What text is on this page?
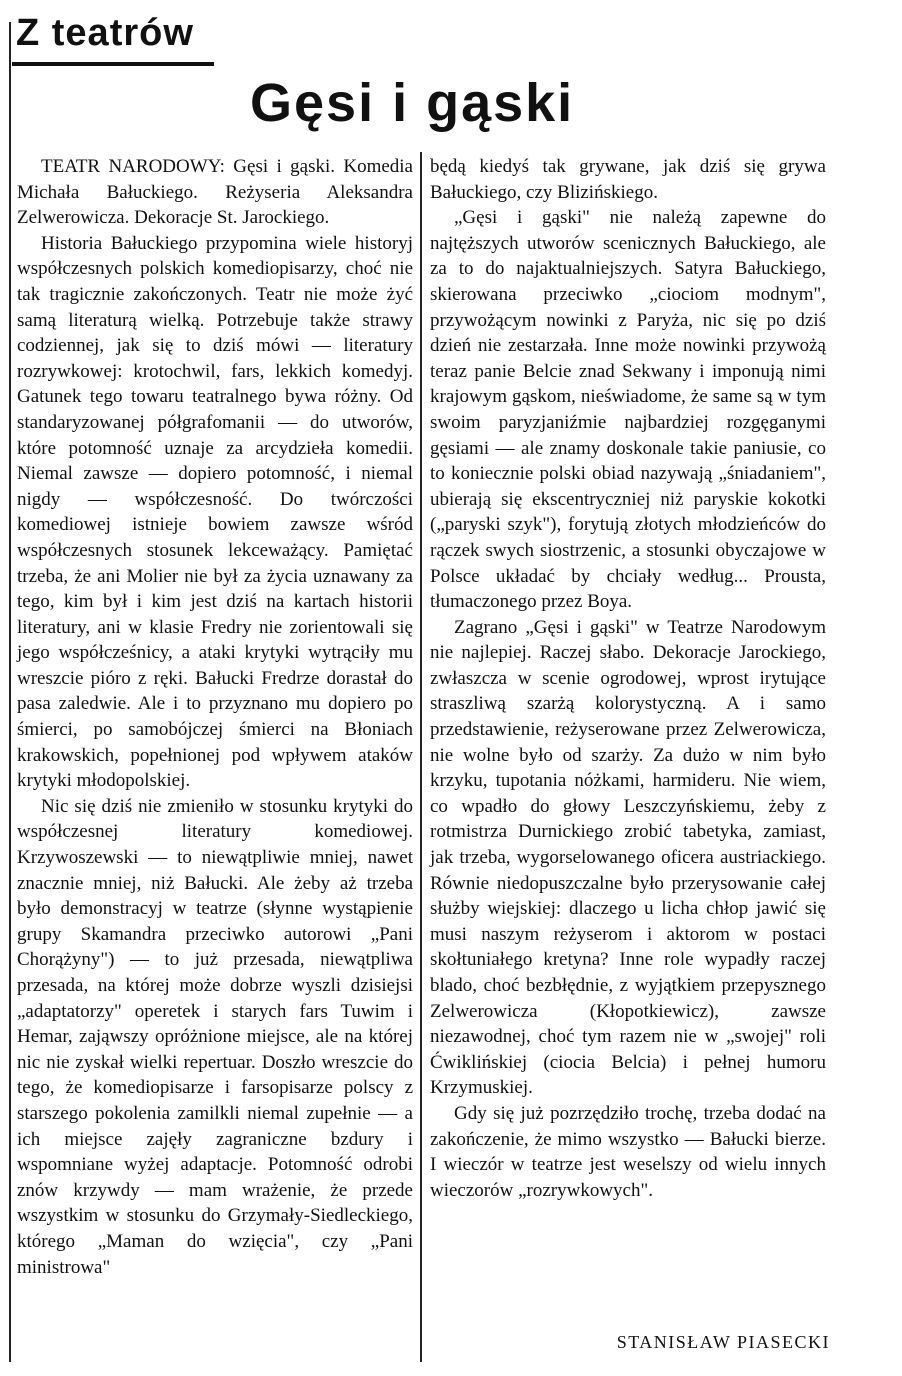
Z teatrów
Gęsi i gąski

TEATR NARODOWY: Gęsi i gąski. Komedia Michała Bałuckiego. Reżyseria Aleksandra Zelwerowicza. Dekoracje St. Jarockiego.

Historia Bałuckiego przypomina wiele historyj współczesnych polskich komediopisarzy, choć nie tak tragicznie zakończonych. Teatr nie może żyć samą literaturą wielką. Potrzebuje także strawy codziennej, jak się to dziś mówi — literatury rozrywkowej: krotochwil, fars, lekkich komedyj. Gatunek tego towaru teatralnego bywa różny. Od standaryzowanej półgrafomanii — do utworów, które potomność uznaje za arcydzieła komedii. Niemal zawsze — dopiero potomność, i niemal nigdy — współczesność. Do twórczości komediowej istnieje bowiem zawsze wśród współczesnych stosunek lekceważący. Pamiętać trzeba, że ani Molier nie był za życia uznawany za tego, kim był i kim jest dziś na kartach historii literatury, ani w klasie Fredry nie zorientowali się jego współcześnicy, a ataki krytyki wytrąciły mu wreszcie pióro z ręki. Bałucki Fredrze dorastał do pasa zaledwie. Ale i to przyznano mu dopiero po śmierci, po samobójczej śmierci na Błoniach krakowskich, popełnionej pod wpływem ataków krytyki młodopolskiej.

Nic się dziś nie zmieniło w stosunku krytyki do współczesnej literatury komediowej. Krzywoszewski — to niewątpliwie mniej, nawet znacznie mniej, niż Bałucki. Ale żeby aż trzeba było demonstracyj w teatrze (słynne wystąpienie grupy Skamandra przeciwko autorowi „Pani Chorążyny") — to już przesada, niewątpliwa przesada, na której może dobrze wyszli dzisiejsi „adaptatorzy" operetek i starych fars Tuwim i Hemar, zająwszy opróżnione miejsce, ale na której nic nie zyskał wielki repertuar. Doszło wreszcie do tego, że komediopisarze i farsopisarze polscy z starszego pokolenia zamilkli niemal zupełnie — a ich miejsce zajęły zagraniczne bzdury i wspomniane wyżej adaptacje. Potomność odrobi znów krzywdy — mam wrażenie, że przede wszystkim w stosunku do Grzymały-Siedleckiego, którego „Maman do wzięcia", czy „Pani ministrowa"

będą kiedyś tak grywane, jak dziś się grywa Bałuckiego, czy Blizińskiego.

„Gęsi i gąski" nie należą zapewne do najtęższych utworów scenicznych Bałuckiego, ale za to do najaktualniejszych. Satyra Bałuckiego, skierowana przeciwko „ciociom modnym", przywożącym nowinki z Paryża, nic się po dziś dzień nie zestarzała. Inne może nowinki przywożą teraz panie Belcie znad Sekwany i imponują nimi krajowym gąskom, nieświadome, że same są w tym swoim paryzjaniźmie najbardziej rozgęganymi gęsiami — ale znamy doskonale takie paniusie, co to koniecznie polski obiad nazywają „śniadaniem", ubierają się ekscentryczniej niż paryskie kokotki („paryski szyk"), forytują złotych młodzieńców do rączek swych siostrzenic, a stosunki obyczajowe w Polsce układać by chciały według... Prousta, tłumaczonego przez Boya.

Zagrano „Gęsi i gąski" w Teatrze Narodowym nie najlepiej. Raczej słabo. Dekoracje Jarockiego, zwłaszcza w scenie ogrodowej, wprost irytujące straszliwą szarżą kolorystyczną. A i samo przedstawienie, reżyserowane przez Zelwerowicza, nie wolne było od szarży. Za dużo w nim było krzyku, tupotania nóżkami, harmideru. Nie wiem, co wpadło do głowy Leszczyńskiemu, żeby z rotmistrza Durnickiego zrobić tabetyka, zamiast, jak trzeba, wygorselowanego oficera austriackiego. Równie niedopuszczalne było przerysowanie całej służby wiejskiej: dlaczego u licha chłop jawić się musi naszym reżyserom i aktorom w postaci skołtuniałego kretyna? Inne role wypadły raczej blado, choć bezbłędnie, z wyjątkiem przepysznego Zelwerowicza (Kłopotkiewicz), zawsze niezawodnej, choć tym razem nie w „swojej" roli Ćwiklińskiej (ciocia Belcia) i pełnej humoru Krzymuskiej.

Gdy się już pozrzędziło trochę, trzeba dodać na zakończenie, że mimo wszystko — Bałucki bierze. I wieczór w teatrze jest weselszy od wielu innych wieczorów „rozrywkowych".

STANISŁAW PIASECKI
